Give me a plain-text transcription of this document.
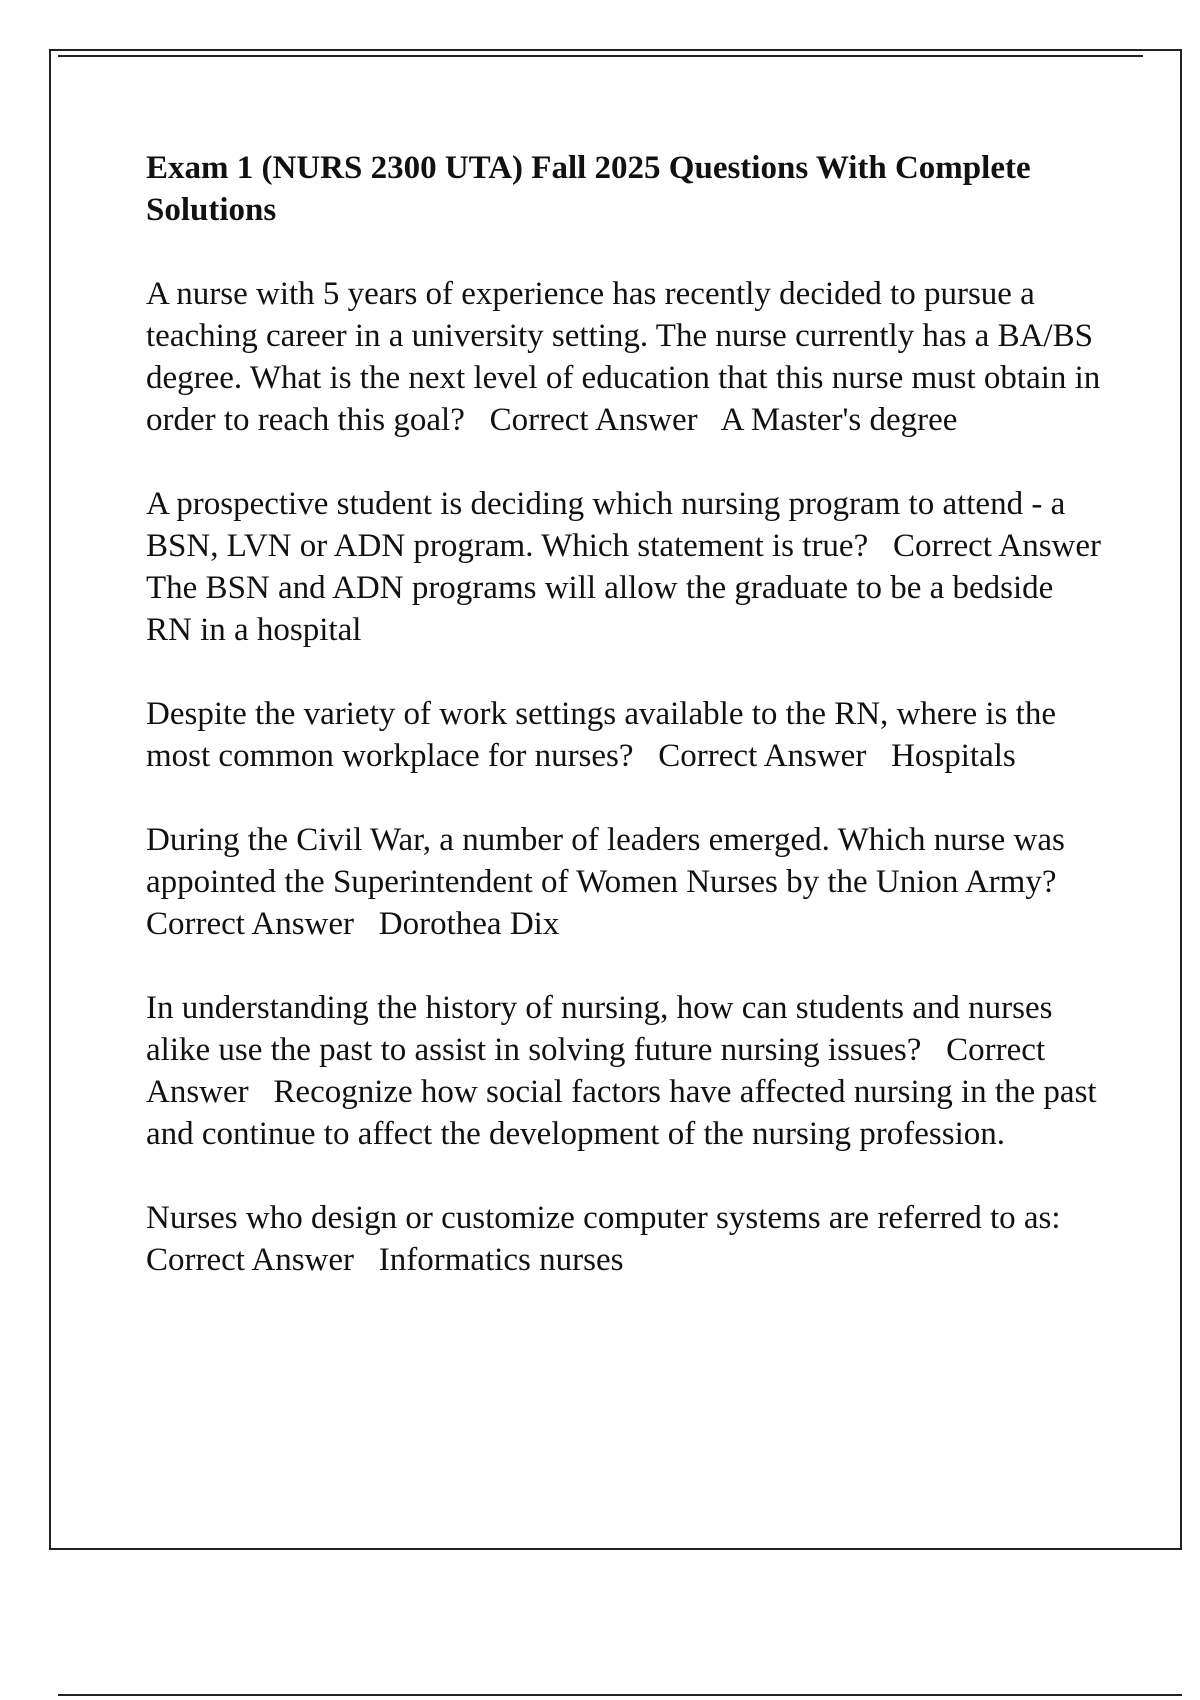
Exam 1 (NURS 2300 UTA) Fall 2025 Questions With Complete Solutions

A nurse with 5 years of experience has recently decided to pursue a teaching career in a university setting. The nurse currently has a BA/BS degree. What is the next level of education that this nurse must obtain in order to reach this goal? Correct Answer A Master's degree

A prospective student is deciding which nursing program to attend - a BSN, LVN or ADN program. Which statement is true? Correct Answer   The BSN and ADN programs will allow the graduate to be a bedside RN in a hospital

Despite the variety of work settings available to the RN, where is the most common workplace for nurses? Correct Answer Hospitals

During the Civil War, a number of leaders emerged. Which nurse was appointed the Superintendent of Women Nurses by the Union Army?   Correct Answer Dorothea Dix

In understanding the history of nursing, how can students and nurses alike use the past to assist in solving future nursing issues? Correct Answer Recognize how social factors have affected nursing in the past and continue to affect the development of the nursing profession.

Nurses who design or customize computer systems are referred to as:   Correct Answer Informatics nurses
